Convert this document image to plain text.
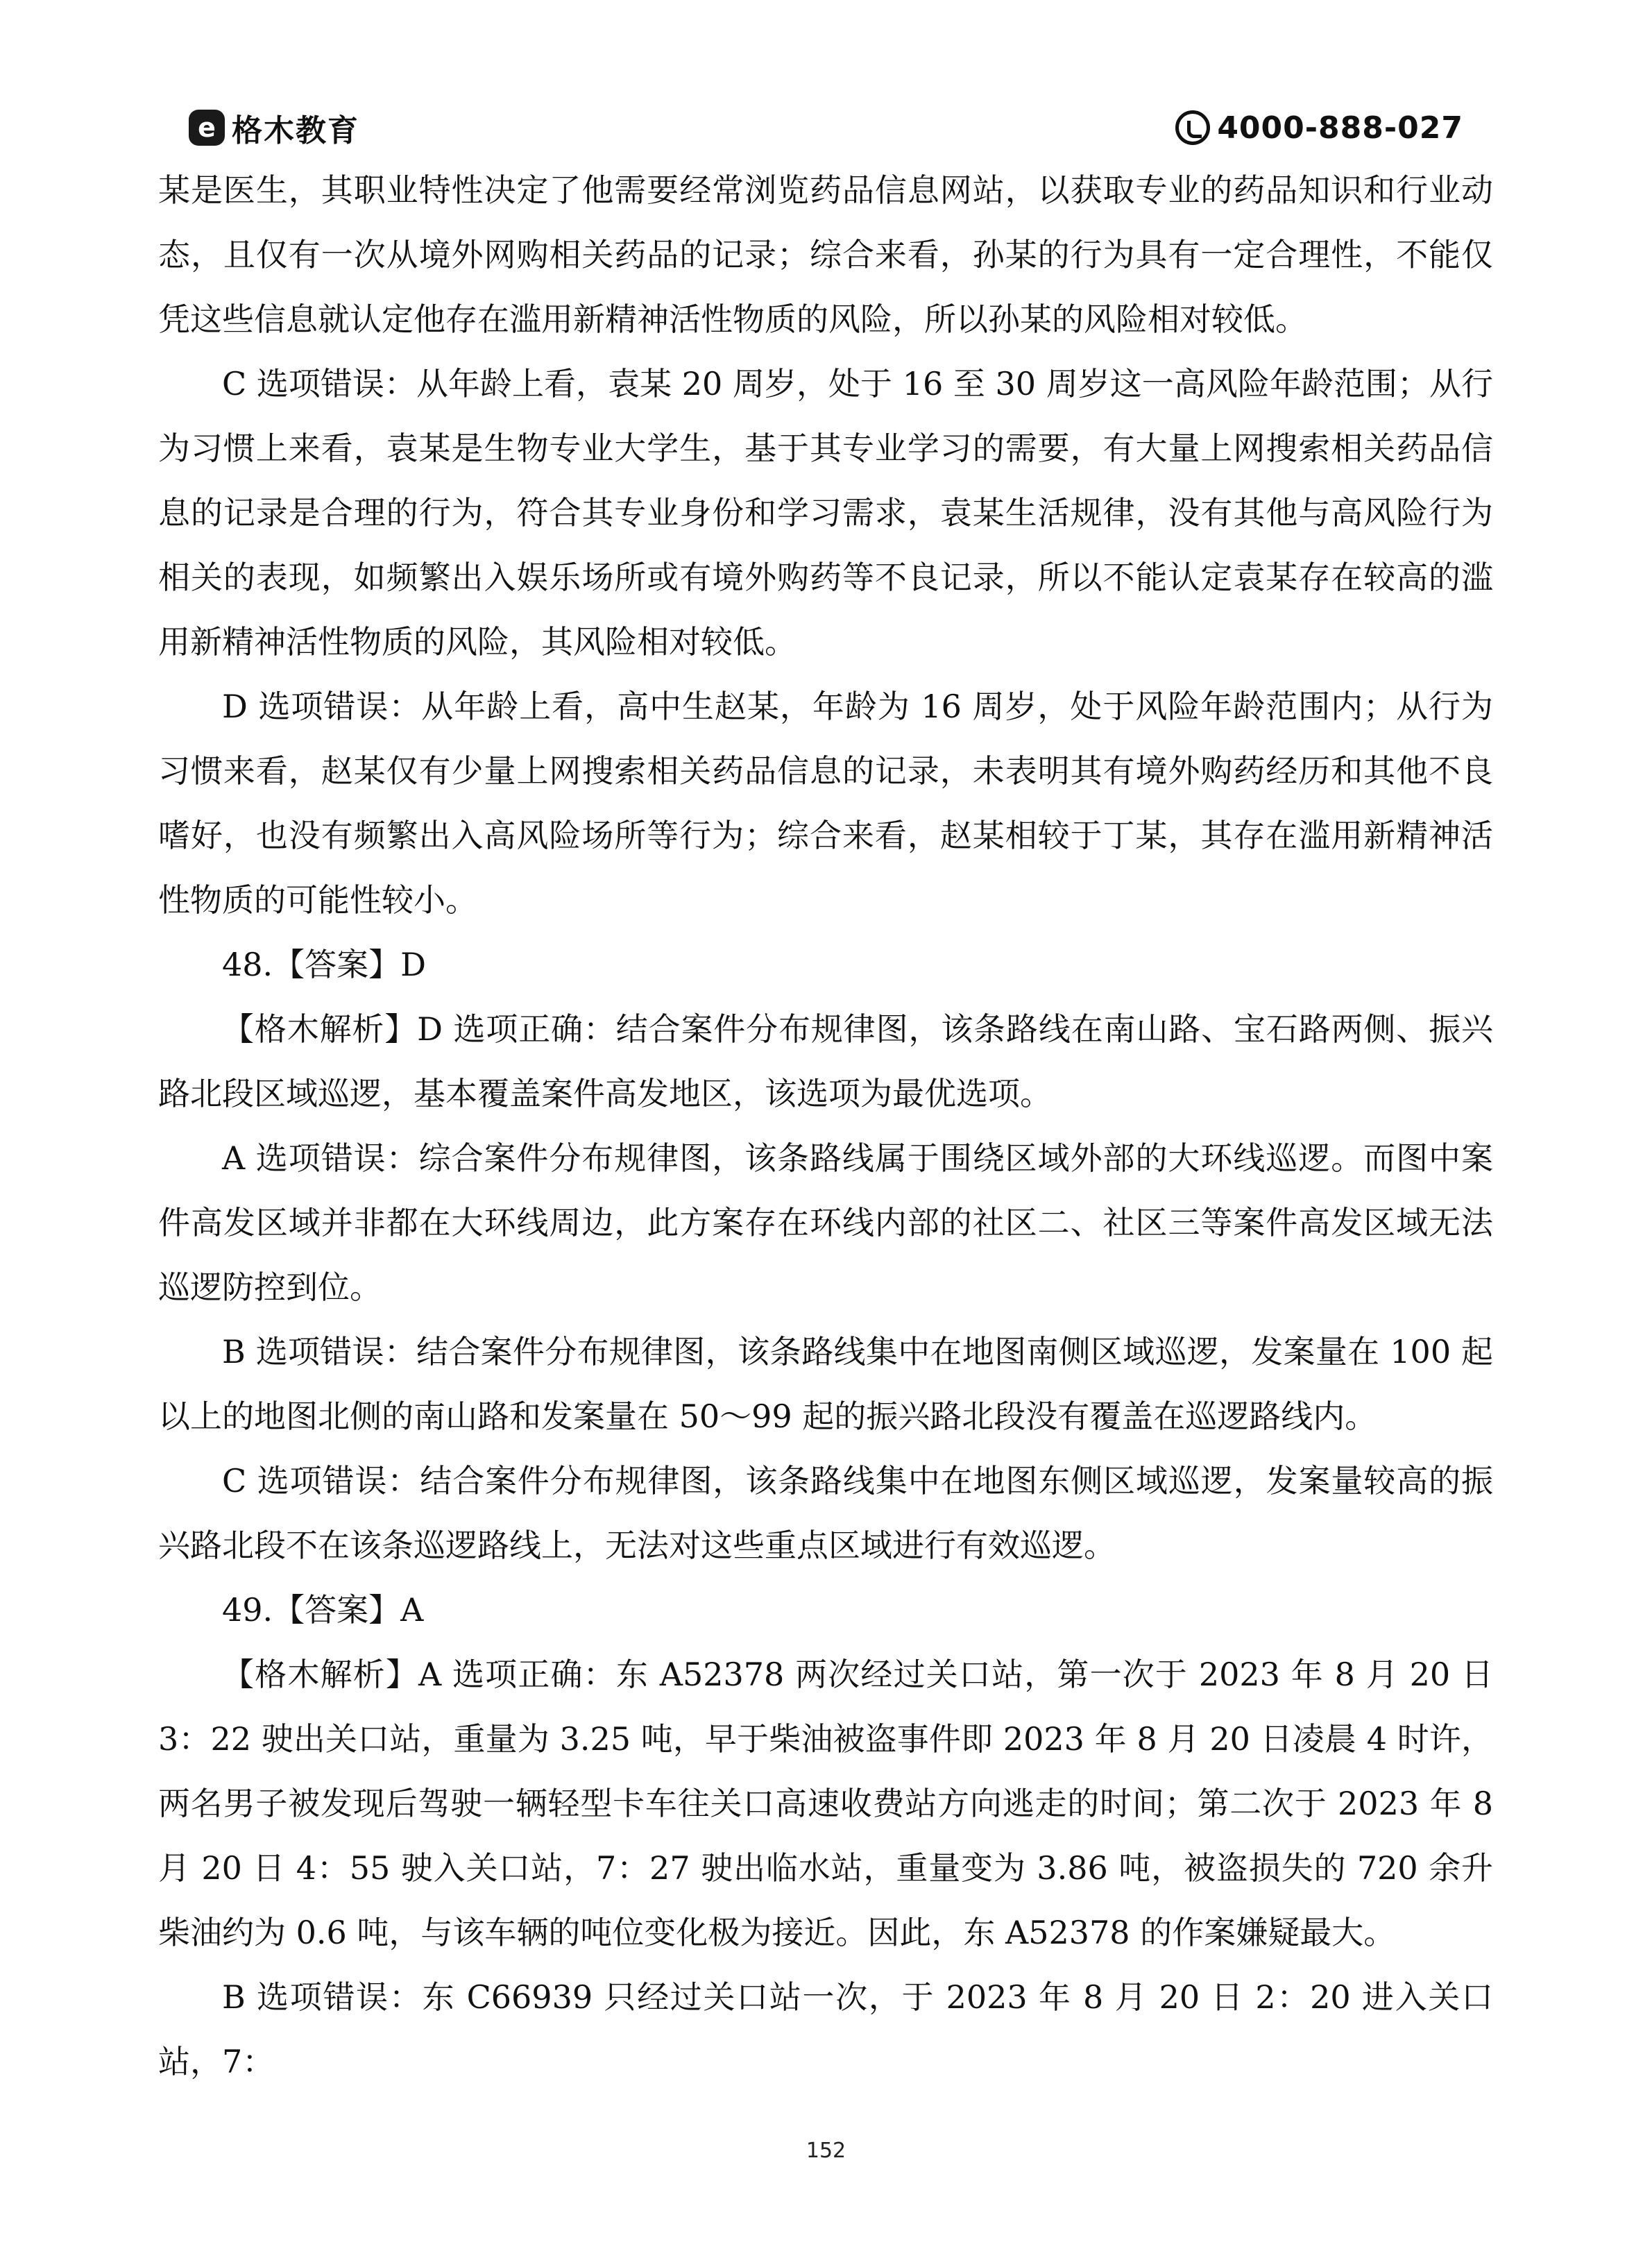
e 格木教育	4000-888-027

某是医生，其职业特性决定了他需要经常浏览药品信息网站，以获取专业的药品知识和行业动态，且仅有一次从境外网购相关药品的记录；综合来看，孙某的行为具有一定合理性，不能仅凭这些信息就认定他存在滥用新精神活性物质的风险，所以孙某的风险相对较低。

C 选项错误：从年龄上看，袁某 20 周岁，处于 16 至 30 周岁这一高风险年龄范围；从行为习惯上来看，袁某是生物专业大学生，基于其专业学习的需要，有大量上网搜索相关药品信息的记录是合理的行为，符合其专业身份和学习需求，袁某生活规律，没有其他与高风险行为相关的表现，如频繁出入娱乐场所或有境外购药等不良记录，所以不能认定袁某存在较高的滥用新精神活性物质的风险，其风险相对较低。

D 选项错误：从年龄上看，高中生赵某，年龄为 16 周岁，处于风险年龄范围内；从行为习惯来看，赵某仅有少量上网搜索相关药品信息的记录，未表明其有境外购药经历和其他不良嗜好，也没有频繁出入高风险场所等行为；综合来看，赵某相较于丁某，其存在滥用新精神活性物质的可能性较小。

48.【答案】D

【格木解析】D 选项正确：结合案件分布规律图，该条路线在南山路、宝石路两侧、振兴路北段区域巡逻，基本覆盖案件高发地区，该选项为最优选项。

A 选项错误：综合案件分布规律图，该条路线属于围绕区域外部的大环线巡逻。而图中案件高发区域并非都在大环线周边，此方案存在环线内部的社区二、社区三等案件高发区域无法巡逻防控到位。

B 选项错误：结合案件分布规律图，该条路线集中在地图南侧区域巡逻，发案量在 100 起以上的地图北侧的南山路和发案量在 50～99 起的振兴路北段没有覆盖在巡逻路线内。

C 选项错误：结合案件分布规律图，该条路线集中在地图东侧区域巡逻，发案量较高的振兴路北段不在该条巡逻路线上，无法对这些重点区域进行有效巡逻。

49.【答案】A

【格木解析】A 选项正确：东 A52378 两次经过关口站，第一次于 2023 年 8 月 20 日 3：22 驶出关口站，重量为 3.25 吨，早于柴油被盗事件即 2023 年 8 月 20 日凌晨 4 时许，两名男子被发现后驾驶一辆轻型卡车往关口高速收费站方向逃走的时间；第二次于 2023 年 8 月 20 日 4：55 驶入关口站，7：27 驶出临水站，重量变为 3.86 吨，被盗损失的 720 余升柴油约为 0.6 吨，与该车辆的吨位变化极为接近。因此，东 A52378 的作案嫌疑最大。

B 选项错误：东 C66939 只经过关口站一次，于 2023 年 8 月 20 日 2：20 进入关口站，7：

152
